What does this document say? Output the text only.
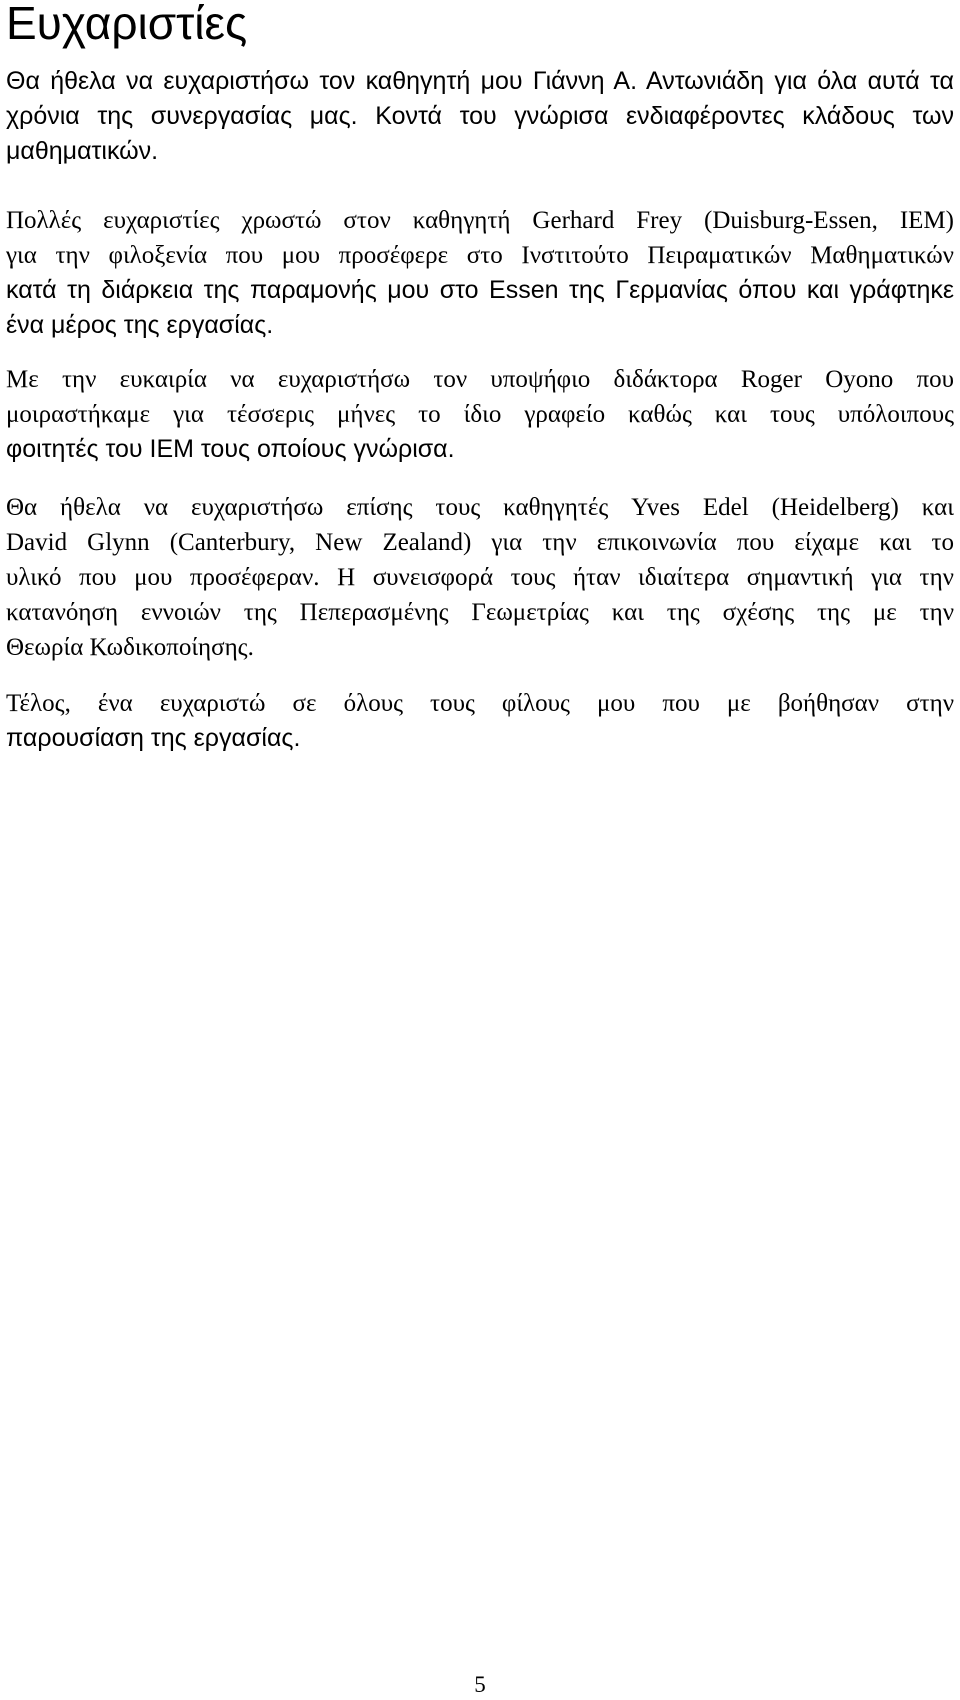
Ευχαριστίες
Θα ήθελα να ευχαριστήσω τον καθηγητή μου Γιάννη Α. Αντωνιάδη για όλα αυτά τα
χρόνια της συνεργασίας μας. Κοντά του γνώρισα ενδιαφέροντες κλάδους των
μαθηματικών.
Πολλές ευχαριστίες χρωστώ στον καθηγητή Gerhard Frey (Duisburg-Essen, IEM)
για την φιλοξενία που μου προσέφερε στο Ινστιτούτο Πειραματικών Μαθηματικών
κατά τη διάρκεια της παραμονής μου στο Essen της Γερμανίας όπου και γράφτηκε
ένα μέρος της εργασίας.
Με την ευκαιρία να ευχαριστήσω τον υποψήφιο διδάκτορα Roger Oyono που
μοιραστήκαμε για τέσσερις μήνες το ίδιο γραφείο καθώς και τους υπόλοιπους
φοιτητές του IEM τους οποίους γνώρισα.
Θα ήθελα να ευχαριστήσω επίσης τους καθηγητές Yves Edel (Heidelberg) και
David Glynn (Canterbury, New Zealand) για την επικοινωνία που είχαμε και το
υλικό που μου προσέφεραν. Η συνεισφορά τους ήταν ιδιαίτερα σημαντική για την
κατανόηση εννοιών της Πεπερασμένης Γεωμετρίας και της σχέσης της με την
Θεωρία Κωδικοποίησης.
Τέλος, ένα ευχαριστώ σε όλους τους φίλους μου που με βοήθησαν στην
παρουσίαση της εργασίας.
5
